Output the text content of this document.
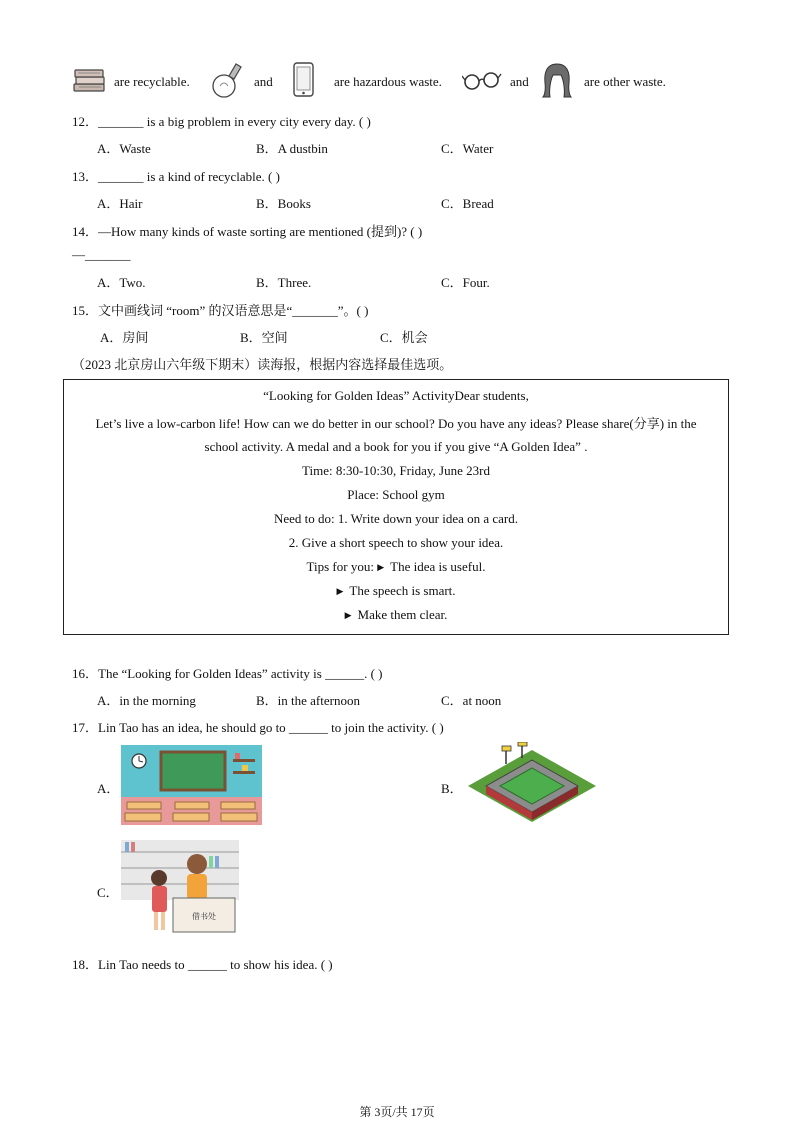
are recyclable.	and	are hazardous waste.	and	are other waste.
12．_______ is a big problem in every city every day. ( )
A．Waste	B．A dustbin	C．Water
13．_______ is a kind of recyclable. ( )
A．Hair	B．Books	C．Bread
14．—How many kinds of waste sorting are mentioned (提到)? ( )
—_______
A．Two.	B．Three.	C．Four.
15．文中画线词 “room” 的汉语意思是“_______”。( )
A．房间	B．空间	C．机会
（2023 北京房山六年级下期末）读海报，根据内容选择最佳选项。
“Looking for Golden Ideas” ActivityDear students,
Let’s live a low-carbon life! How can we do better in our school? Do you have any ideas? Please share(分享) in the
school activity. A medal and a book for you if you give “A Golden Idea” .
Time: 8:30-10:30, Friday, June 23rd
Place: School gym
Need to do: 1. Write down your idea on a card.
2. Give a short speech to show your idea.
Tips for you: ▶ The idea is useful.
▶ The speech is smart.
▶ Make them clear.
16．The “Looking for Golden Ideas” activity is ______. ( )
A．in the morning	B．in the afternoon	C．at noon
17．Lin Tao has an idea, he should go to ______ to join the activity. ( )
A．	B．
C．
借书处
18．Lin Tao needs to ______ to show his idea. ( )
第 3页/共 17页
